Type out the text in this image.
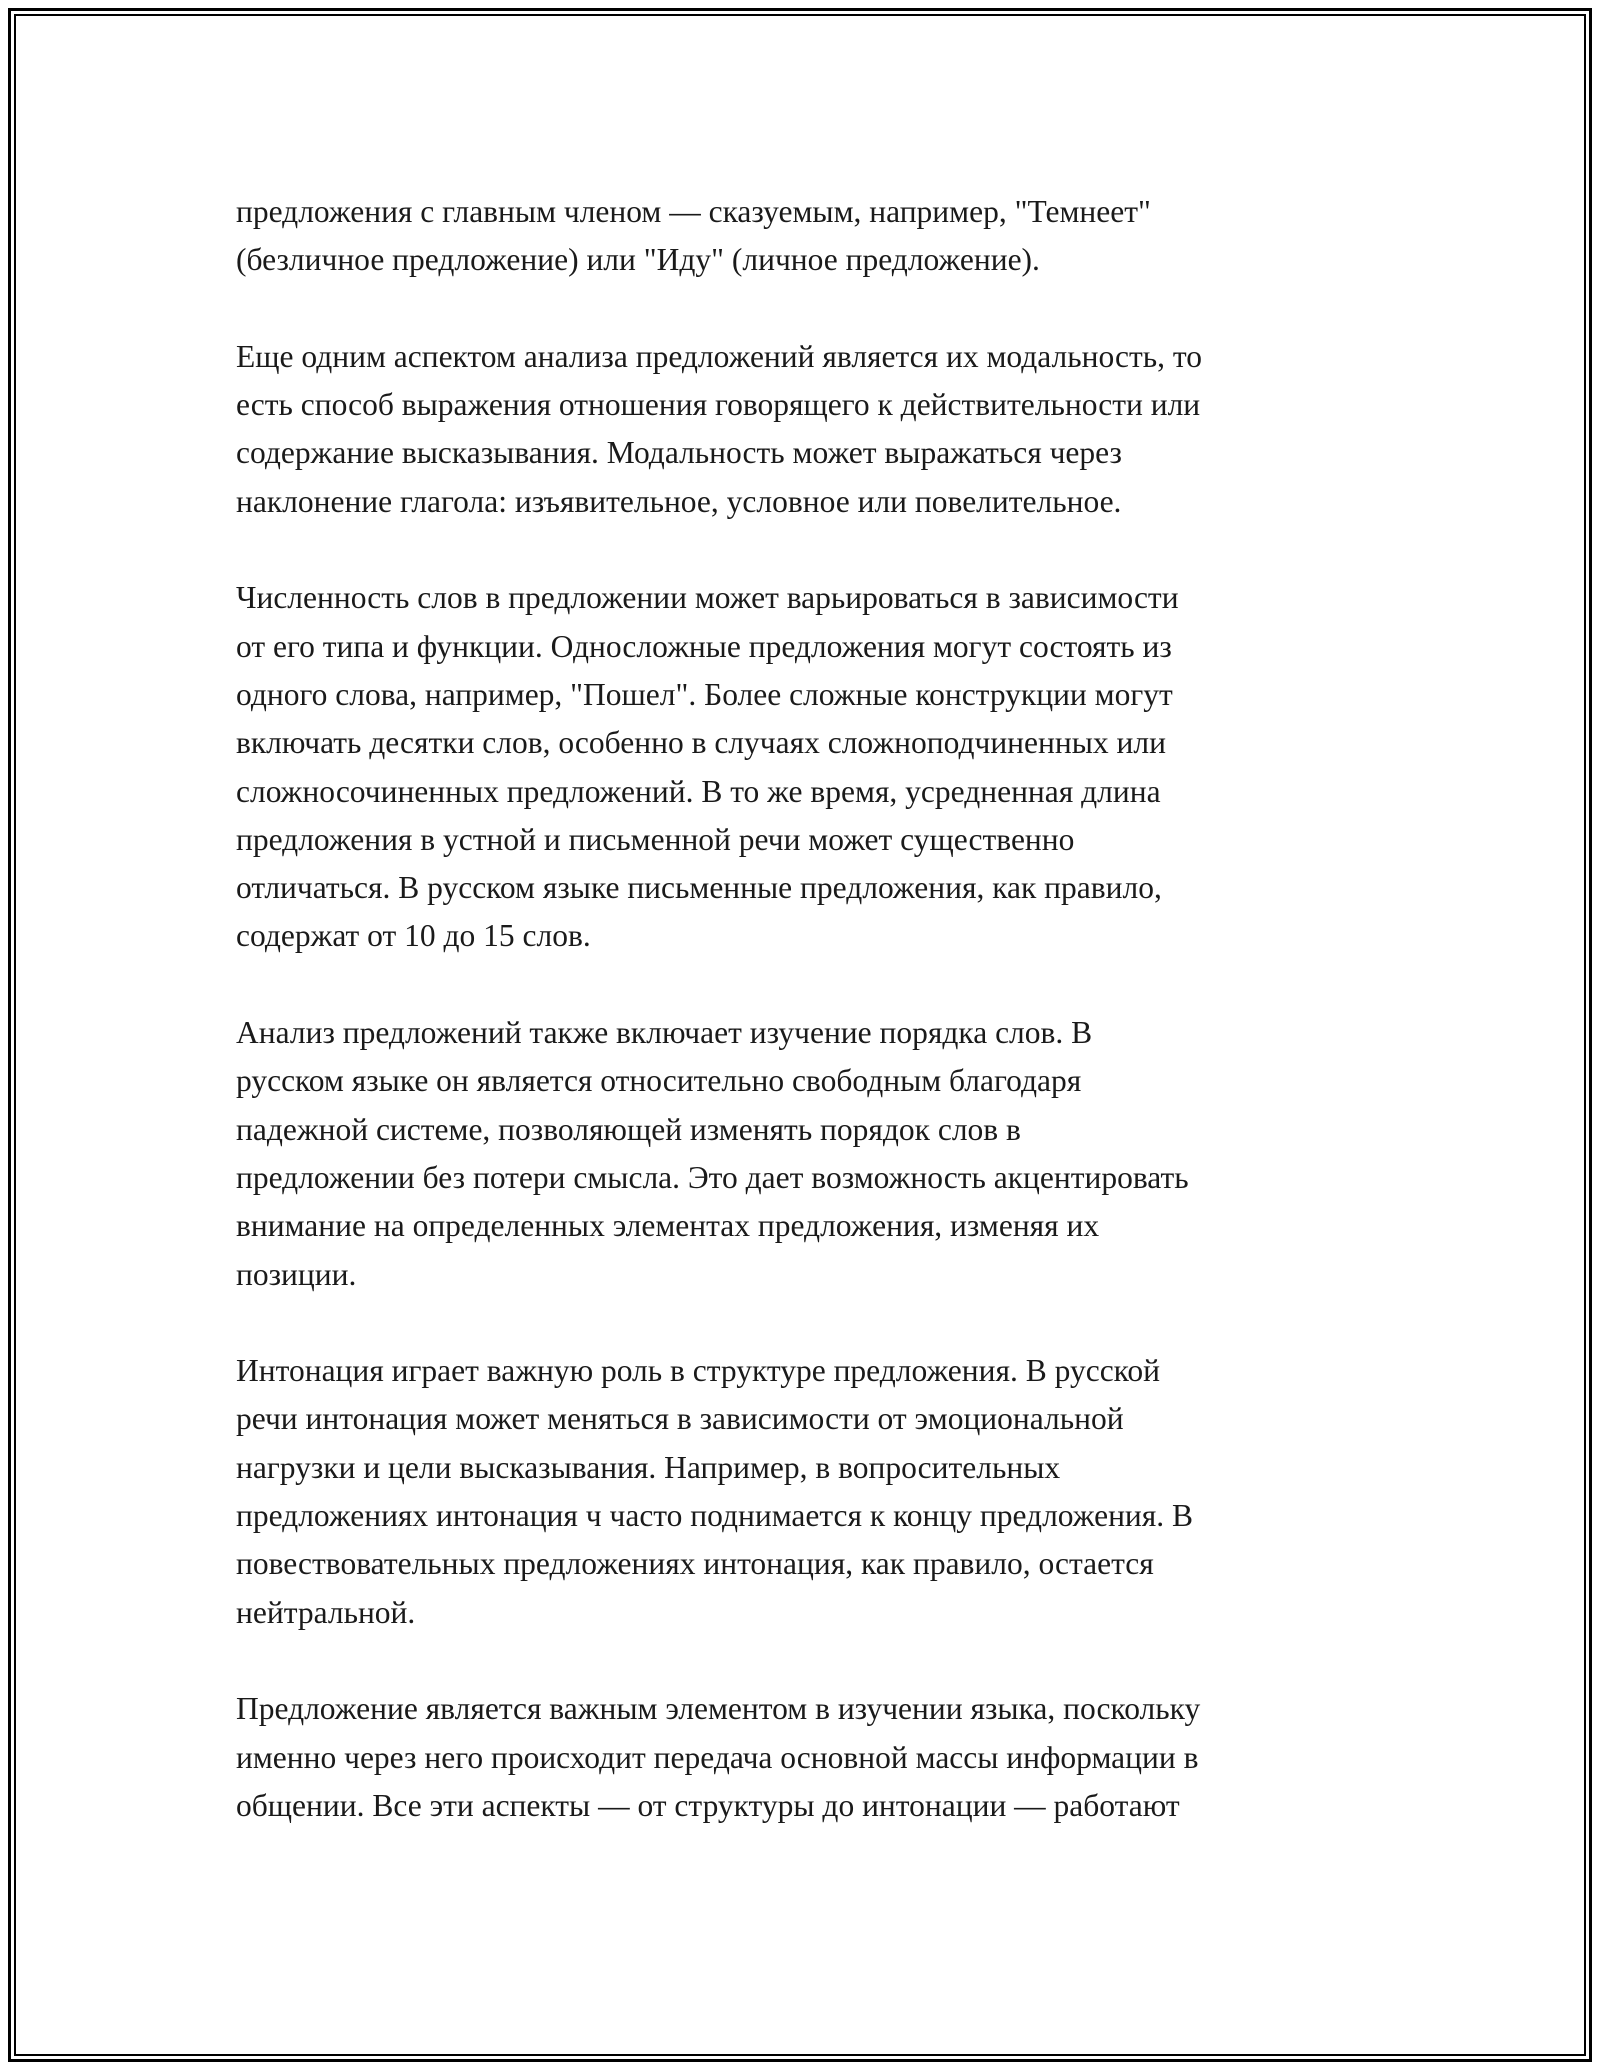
предложения с главным членом — сказуемым, например, "Темнеет"
(безличное предложение) или "Иду" (личное предложение).

Еще одним аспектом анализа предложений является их модальность, то
есть способ выражения отношения говорящего к действительности или
содержание высказывания. Модальность может выражаться через
наклонение глагола: изъявительное, условное или повелительное.

Численность слов в предложении может варьироваться в зависимости
от его типа и функции. Односложные предложения могут состоять из
одного слова, например, "Пошел". Более сложные конструкции могут
включать десятки слов, особенно в случаях сложноподчиненных или
сложносочиненных предложений. В то же время, усредненная длина
предложения в устной и письменной речи может существенно
отличаться. В русском языке письменные предложения, как правило,
содержат от 10 до 15 слов.

Анализ предложений также включает изучение порядка слов. В
русском языке он является относительно свободным благодаря
падежной системе, позволяющей изменять порядок слов в
предложении без потери смысла. Это дает возможность акцентировать
внимание на определенных элементах предложения, изменяя их
позиции.

Интонация играет важную роль в структуре предложения. В русской
речи интонация может меняться в зависимости от эмоциональной
нагрузки и цели высказывания. Например, в вопросительных
предложениях интонация ч часто поднимается к концу предложения. В
повествовательных предложениях интонация, как правило, остается
нейтральной.

Предложение является важным элементом в изучении языка, поскольку
именно через него происходит передача основной массы информации в
общении. Все эти аспекты — от структуры до интонации — работают
